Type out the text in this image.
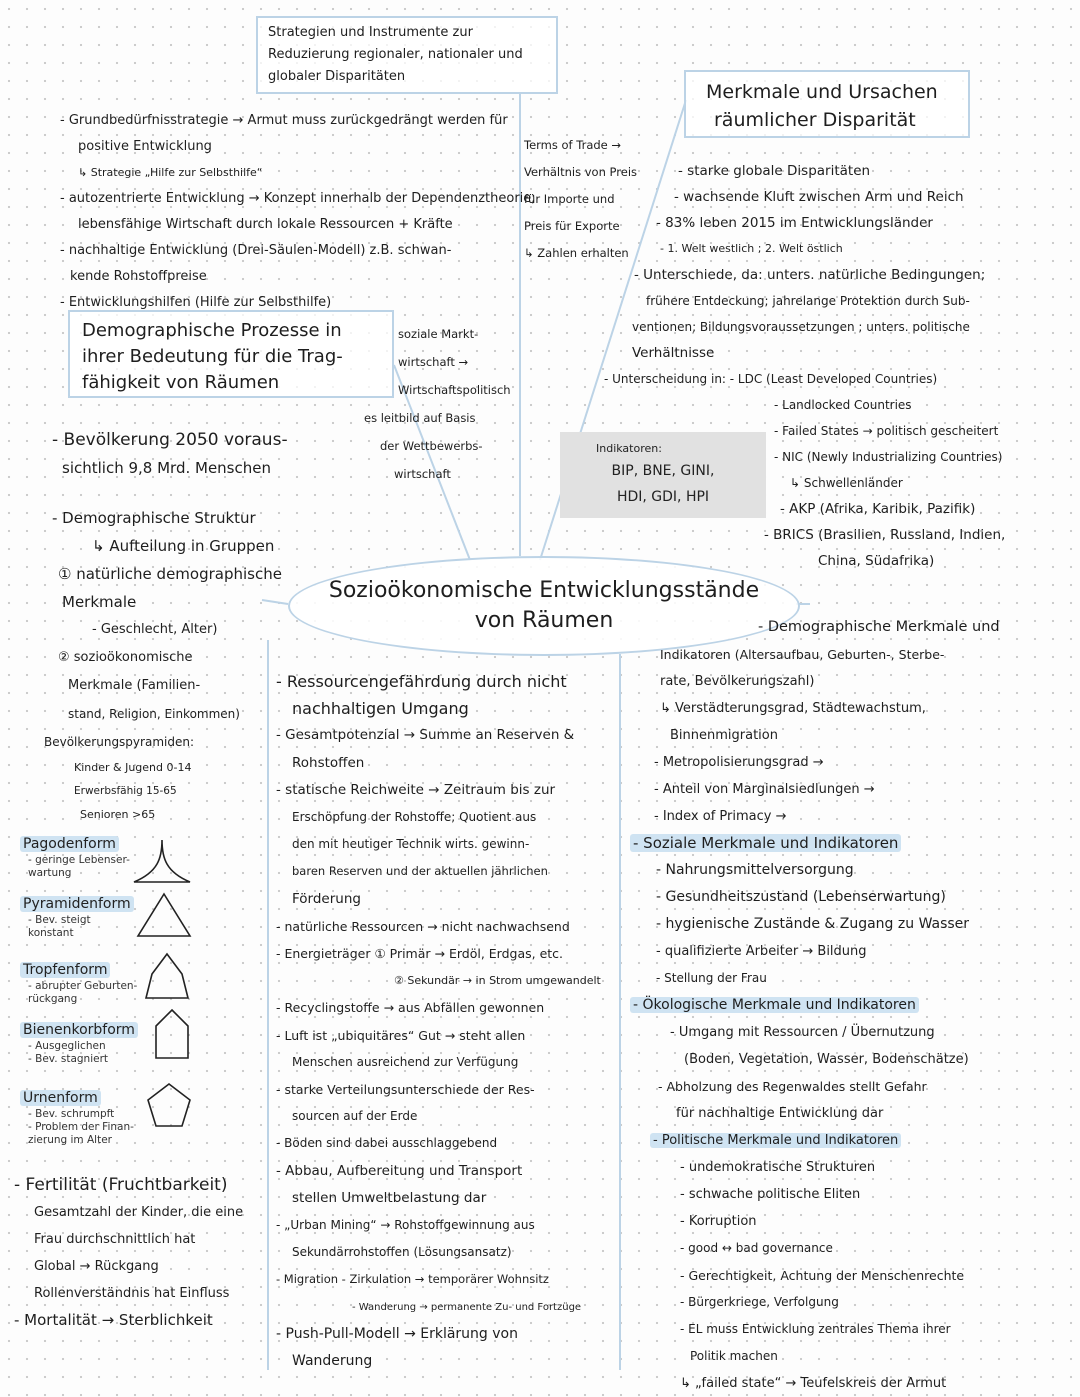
Strategien und Instrumente zur
Reduzierung regionaler, nationaler und
globaler Disparitäten
Merkmale und Ursachen
räumlicher Disparität
Demographische Prozesse in
ihrer Bedeutung für die Trag-
fähigkeit von Räumen
- Grundbedürfnisstrategie → Armut muss zurückgedrängt werden für
positive Entwicklung
↳ Strategie „Hilfe zur Selbsthilfe“
- autozentrierte Entwicklung → Konzept innerhalb der Dependenztheorie;
lebensfähige Wirtschaft durch lokale Ressourcen + Kräfte
- nachhaltige Entwicklung (Drei-Säulen-Modell) z.B. schwan-
kende Rohstoffpreise
- Entwicklungshilfen (Hilfe zur Selbsthilfe)
Terms of Trade →
Verhältnis von Preis
für Importe und
Preis für Exporte
↳ Zahlen erhalten
soziale Markt-
wirtschaft →
Wirtschaftspolitisch
es leitbild auf Basis
der Wettbewerbs-
wirtschaft
- starke globale Disparitäten
- wachsende Kluft zwischen Arm und Reich
- 83% leben 2015 im Entwicklungsländer
- 1. Welt westlich ; 2. Welt östlich
- Unterschiede, da: unters. natürliche Bedingungen;
frühere Entdeckung; jahrelange Protektion durch Sub-
ventionen; Bildungsvoraussetzungen ; unters. politische
Verhältnisse
- Unterscheidung in: - LDC (Least Developed Countries)
- Landlocked Countries
- Failed States → politisch gescheitert
- NIC (Newly Industrializing Countries)
↳ Schwellenländer
- AKP (Afrika, Karibik, Pazifik)
- BRICS (Brasilien, Russland, Indien,
China, Südafrika)
Indikatoren:
BIP, BNE, GINI,
HDI, GDI, HPI
Sozioökonomische Entwicklungsstände
von Räumen
- Bevölkerung 2050 voraus-
sichtlich 9,8 Mrd. Menschen
- Demographische Struktur
↳ Aufteilung in Gruppen
① natürliche demographische
Merkmale
- Geschlecht, Alter)
② sozioökonomische
Merkmale (Familien-
stand, Religion, Einkommen)
Bevölkerungspyramiden:
Kinder & Jugend 0-14
Erwerbsfähig 15-65
Senioren >65
Pagodenform
- geringe Lebenser-
wartung
Pyramidenform
- Bev. steigt
konstant
Tropfenform
- abrupter Geburten-
rückgang
Bienenkorbform
- Ausgeglichen
- Bev. stagniert
Urnenform
- Bev. schrumpft
- Problem der Finan-
zierung im Alter
- Fertilität (Fruchtbarkeit)
Gesamtzahl der Kinder, die eine
Frau durchschnittlich hat
Global → Rückgang
Rollenverständnis hat Einfluss
- Mortalität → Sterblichkeit
- Ressourcengefährdung durch nicht
nachhaltigen Umgang
- Gesamtpotenzial → Summe an Reserven &
Rohstoffen
- statische Reichweite → Zeitraum bis zur
Erschöpfung der Rohstoffe; Quotient aus
den mit heutiger Technik wirts. gewinn-
baren Reserven und der aktuellen jährlichen
Förderung
- natürliche Ressourcen → nicht nachwachsend
- Energieträger ① Primär → Erdöl, Erdgas, etc.
② Sekundär → in Strom umgewandelt
- Recyclingstoffe → aus Abfällen gewonnen
- Luft ist „ubiquitäres“ Gut → steht allen
Menschen ausreichend zur Verfügung
- starke Verteilungsunterschiede der Res-
sourcen auf der Erde
- Böden sind dabei ausschlaggebend
- Abbau, Aufbereitung und Transport
stellen Umweltbelastung dar
- „Urban Mining“ → Rohstoffgewinnung aus
Sekundärrohstoffen (Lösungsansatz)
- Migration - Zirkulation → temporärer Wohnsitz
- Wanderung → permanente Zu- und Fortzüge
- Push-Pull-Modell → Erklärung von
Wanderung
- Demographische Merkmale und
Indikatoren (Altersaufbau, Geburten-, Sterbe-
rate, Bevölkerungszahl)
↳ Verstädterungsgrad, Städtewachstum,
Binnenmigration
- Metropolisierungsgrad →
- Anteil von Marginalsiedlungen →
- Index of Primacy →
- Soziale Merkmale und Indikatoren
- Nahrungsmittelversorgung
- Gesundheitszustand (Lebenserwartung)
- hygienische Zustände & Zugang zu Wasser
- qualifizierte Arbeiter → Bildung
- Stellung der Frau
- Ökologische Merkmale und Indikatoren
- Umgang mit Ressourcen / Übernutzung
(Boden, Vegetation, Wasser, Bodenschätze)
- Abholzung des Regenwaldes stellt Gefahr
für nachhaltige Entwicklung dar
- Politische Merkmale und Indikatoren
- undemokratische Strukturen
- schwache politische Eliten
- Korruption
- good ↔ bad governance
- Gerechtigkeit, Achtung der Menschenrechte
- Bürgerkriege, Verfolgung
- EL muss Entwicklung zentrales Thema ihrer
Politik machen
↳ „failed state“ → Teufelskreis der Armut
